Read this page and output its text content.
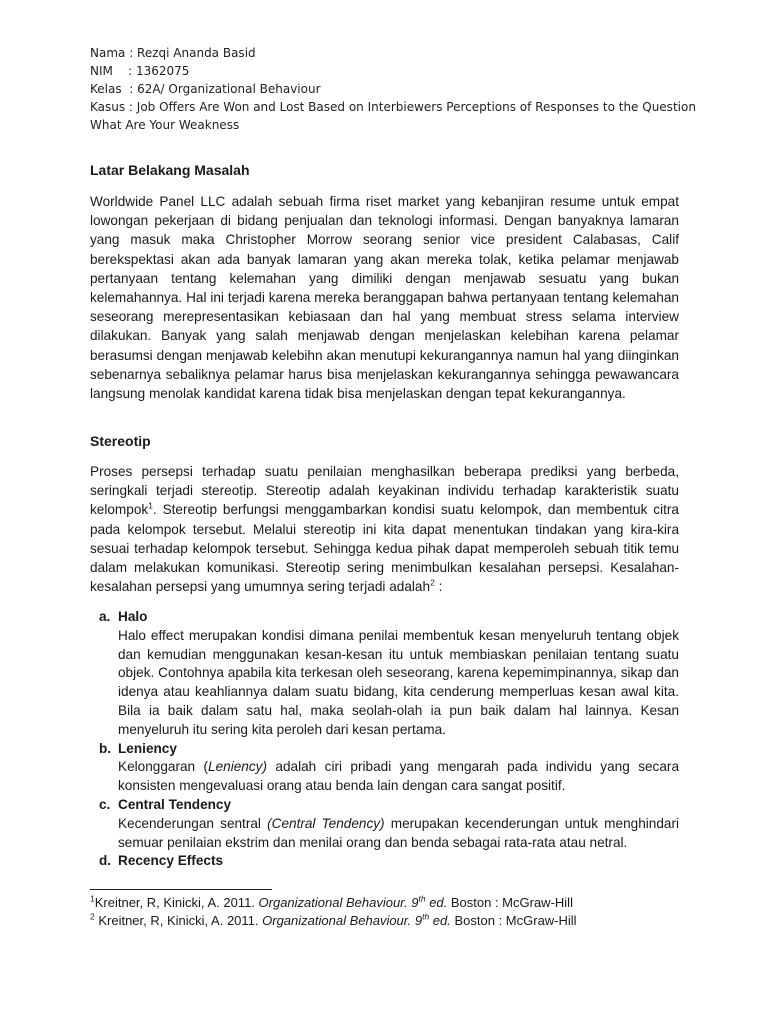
Nama : Rezqi Ananda Basid
NIM    : 1362075
Kelas  : 62A/ Organizational Behaviour
Kasus : Job Offers Are Won and Lost Based on Interbiewers Perceptions of Responses to the Question
What Are Your Weakness
Latar Belakang Masalah
Worldwide Panel LLC adalah sebuah firma riset market yang kebanjiran resume untuk empat lowongan pekerjaan di bidang penjualan dan teknologi informasi. Dengan banyaknya lamaran yang masuk maka Christopher Morrow seorang senior vice president Calabasas, Calif berekspektasi akan ada banyak lamaran yang akan mereka tolak, ketika pelamar menjawab pertanyaan tentang kelemahan yang dimiliki dengan menjawab sesuatu yang bukan kelemahannya. Hal ini terjadi karena mereka beranggapan bahwa pertanyaan tentang kelemahan seseorang merepresentasikan kebiasaan dan hal yang membuat stress selama interview dilakukan. Banyak yang salah menjawab dengan menjelaskan kelebihan karena pelamar berasumsi dengan menjawab kelebihn akan menutupi kekurangannya namun hal yang diinginkan sebenarnya sebaliknya pelamar harus bisa menjelaskan kekurangannya sehingga pewawancara langsung menolak kandidat karena tidak bisa menjelaskan dengan tepat kekurangannya.
Stereotip
Proses persepsi terhadap suatu penilaian menghasilkan beberapa prediksi yang berbeda, seringkali terjadi stereotip. Stereotip adalah keyakinan individu terhadap karakteristik suatu kelompok$^1$. Stereotip berfungsi menggambarkan kondisi suatu kelompok, dan membentuk citra pada kelompok tersebut. Melalui stereotip ini kita dapat menentukan tindakan yang kira-kira sesuai terhadap kelompok tersebut. Sehingga kedua pihak dapat memperoleh sebuah titik temu dalam melakukan komunikasi. Stereotip sering menimbulkan kesalahan persepsi. Kesalahan-kesalahan persepsi yang umumnya sering terjadi adalah$^2$ :
a. Halo
Halo effect merupakan kondisi dimana penilai membentuk kesan menyeluruh tentang objek dan kemudian menggunakan kesan-kesan itu untuk membiaskan penilaian tentang suatu objek. Contohnya apabila kita terkesan oleh seseorang, karena kepemimpinannya, sikap dan idenya atau keahliannya dalam suatu bidang, kita cenderung memperluas kesan awal kita. Bila ia baik dalam satu hal, maka seolah-olah ia pun baik dalam hal lainnya. Kesan menyeluruh itu sering kita peroleh dari kesan pertama.
b. Leniency
Kelonggaran (Leniency) adalah ciri pribadi yang mengarah pada individu yang secara konsisten mengevaluasi orang atau benda lain dengan cara sangat positif.
c. Central Tendency
Kecenderungan sentral (Central Tendency) merupakan kecenderungan untuk menghindari semuar penilaian ekstrim dan menilai orang dan benda sebagai rata-rata atau netral.
d. Recency Effects
$^1$Kreitner, R, Kinicki, A. 2011. Organizational Behaviour. 9th ed. Boston : McGraw-Hill
$^2$ Kreitner, R, Kinicki, A. 2011. Organizational Behaviour. 9th ed. Boston : McGraw-Hill
